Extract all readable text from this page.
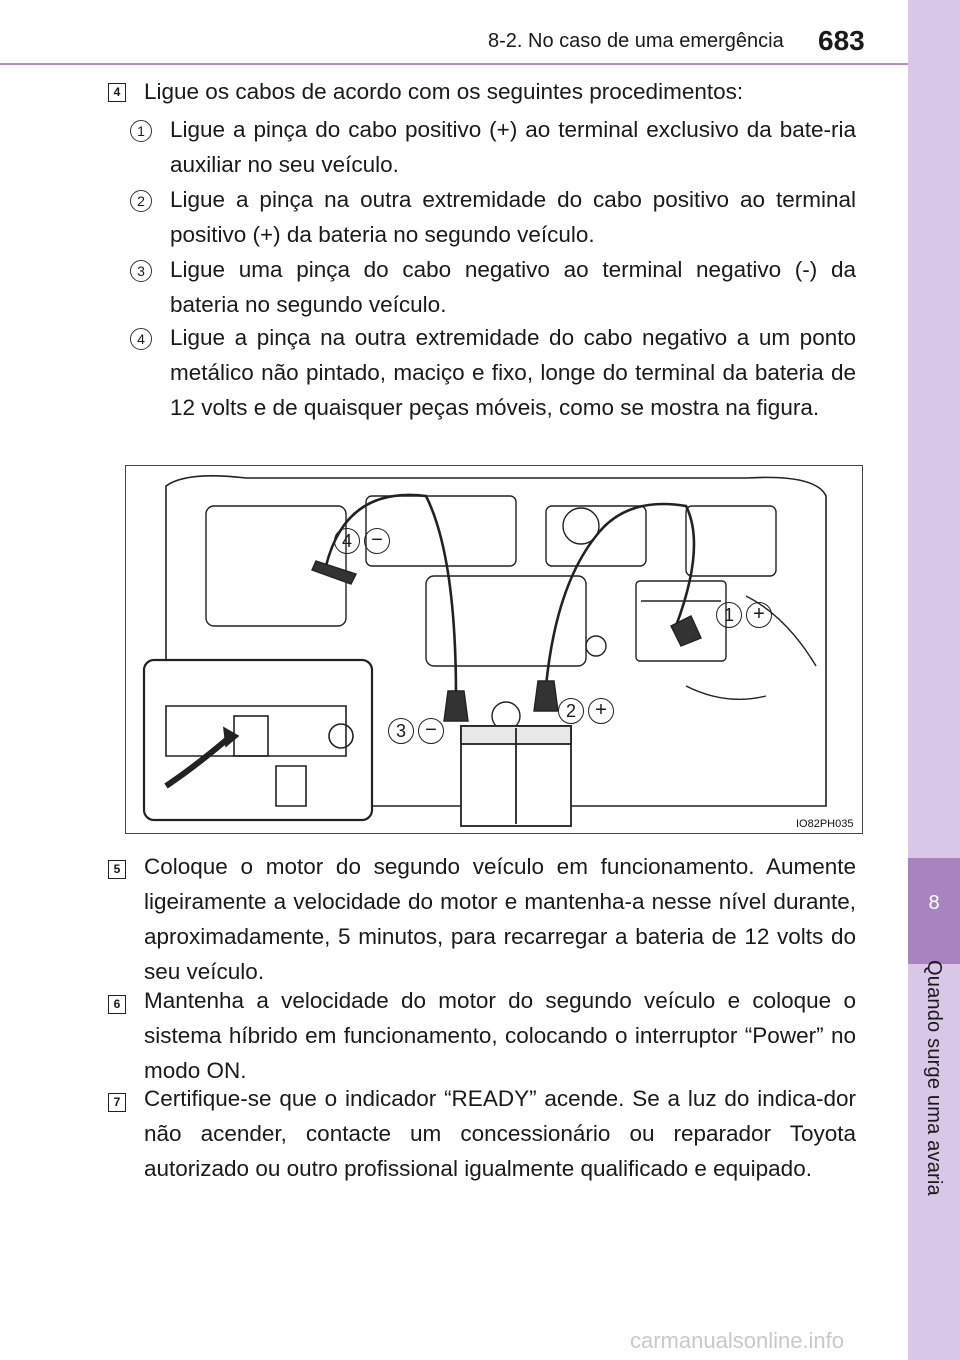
8-2. No caso de uma emergência 683
8
Quando surge uma avaria
4 Ligue os cabos de acordo com os seguintes procedimentos:
1	Ligue a pinça do cabo positivo (+) ao terminal exclusivo da bate-ria auxiliar no seu veículo.
2	Ligue a pinça na outra extremidade do cabo positivo ao terminal positivo (+) da bateria no segundo veículo.
3	Ligue uma pinça do cabo negativo ao terminal negativo (-) da bateria no segundo veículo.
4	Ligue a pinça na outra extremidade do cabo negativo a um ponto metálico não pintado, maciço e fixo, longe do terminal da bateria de 12 volts e de quaisquer peças móveis, como se mostra na figura.
4 −
1 +
2 +
3 −
IO82PH035
5 Coloque o motor do segundo veículo em funcionamento. Aumente ligeiramente a velocidade do motor e mantenha-a nesse nível durante, aproximadamente, 5 minutos, para recarregar a bateria de 12 volts do seu veículo.
6 Mantenha a velocidade do motor do segundo veículo e coloque o sistema híbrido em funcionamento, colocando o interruptor “Power” no modo ON.
7 Certifique-se que o indicador “READY” acende. Se a luz do indica-dor não acender, contacte um concessionário ou reparador Toyota autorizado ou outro profissional igualmente qualificado e equipado.
carmanualsonline.info
